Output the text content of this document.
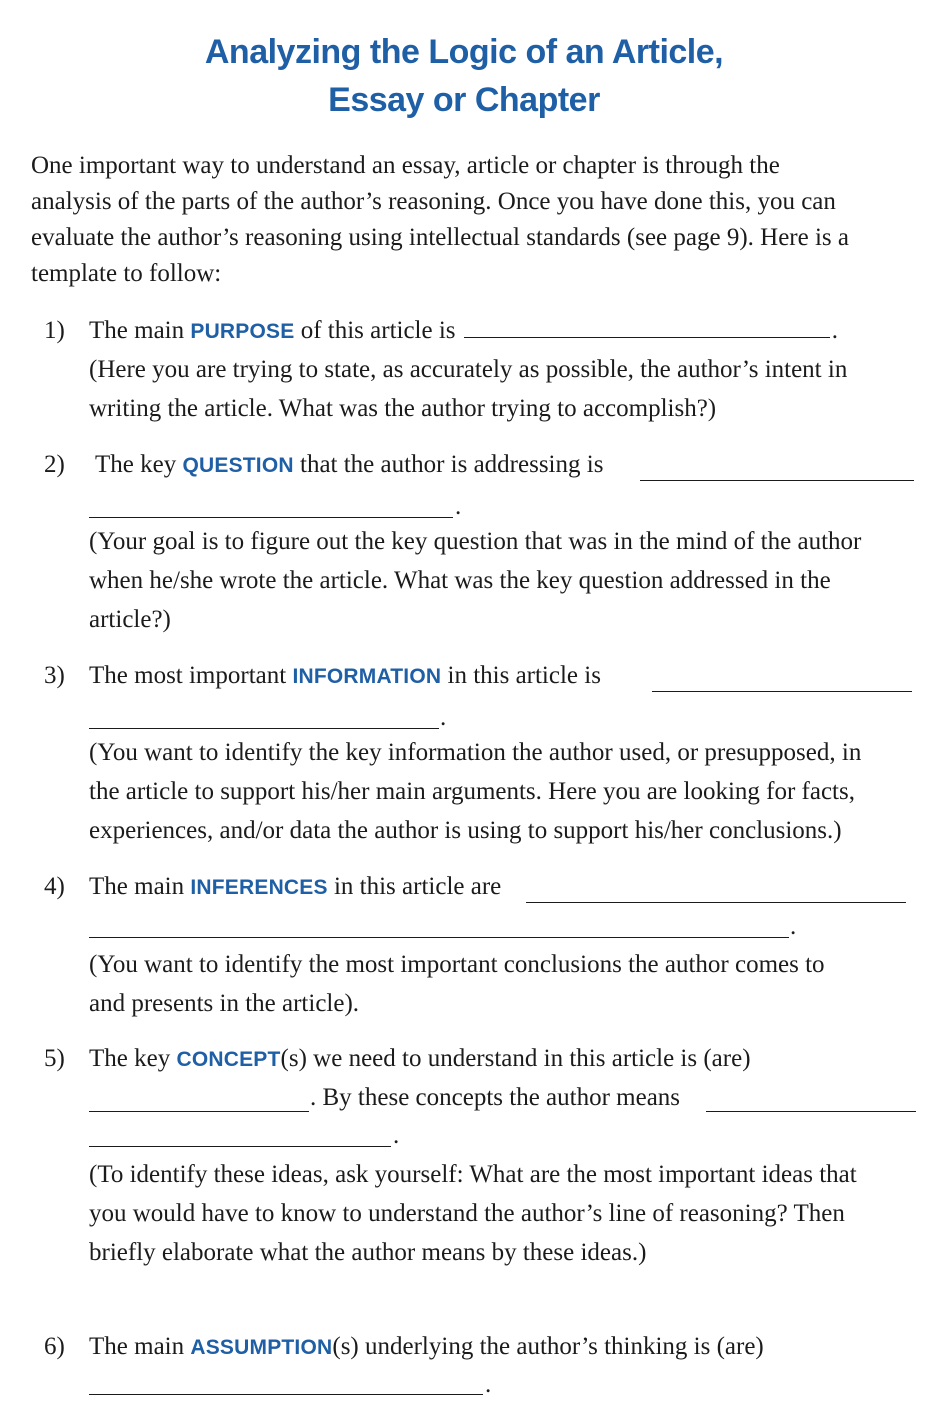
Analyzing the Logic of an Article,
Essay or Chapter
One important way to understand an essay, article or chapter is through the
analysis of the parts of the author’s reasoning. Once you have done this, you can
evaluate the author’s reasoning using intellectual standards (see page 9). Here is a
template to follow:
1) The main PURPOSE of this article is	.
(Here you are trying to state, as accurately as possible, the author’s intent in
writing the article. What was the author trying to accomplish?)
2) The key QUESTION that the author is addressing is
.
(Your goal is to figure out the key question that was in the mind of the author
when he/she wrote the article. What was the key question addressed in the
article?)
3) The most important INFORMATION in this article is
.
(You want to identify the key information the author used, or presupposed, in
the article to support his/her main arguments. Here you are looking for facts,
experiences, and/or data the author is using to support his/her conclusions.)
4) The main INFERENCES in this article are
.
(You want to identify the most important conclusions the author comes to
and presents in the article).
5) The key CONCEPT(s) we need to understand in this article is (are)
. By these concepts the author means
.
(To identify these ideas, ask yourself: What are the most important ideas that
you would have to know to understand the author’s line of reasoning? Then
briefly elaborate what the author means by these ideas.)
6) The main ASSUMPTION(s) underlying the author’s thinking is (are)
.
